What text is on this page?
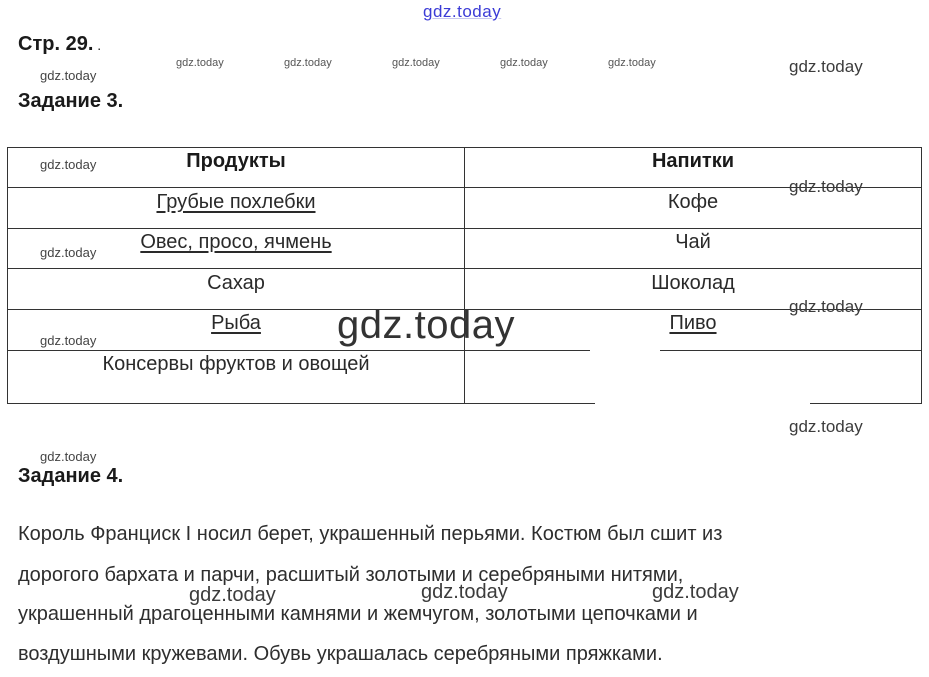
gdz.today
Стр. 29. .
gdz.today	gdz.today	gdz.today	gdz.today	gdz.today	gdz.today
gdz.today
Задание 3.
Продукты	Напитки
Грубые похлебки	Кофе
Овес, просо, ячмень	Чай
Сахар	Шоколад
Рыба	Пиво
Консервы фруктов и овощей
gdz.today
gdz.today
gdz.today
gdz.today
gdz.today
gdz.today
gdz.today
gdz.today
Задание 4.
Король Франциск I носил берет, украшенный перьями. Костюм был сшит из
дорогого бархата и парчи, расшитый золотыми и серебряными нитями,
украшенный драгоценными камнями и жемчугом, золотыми цепочками и
воздушными кружевами. Обувь украшалась серебряными пряжками.
gdz.today	gdz.today	gdz.today
